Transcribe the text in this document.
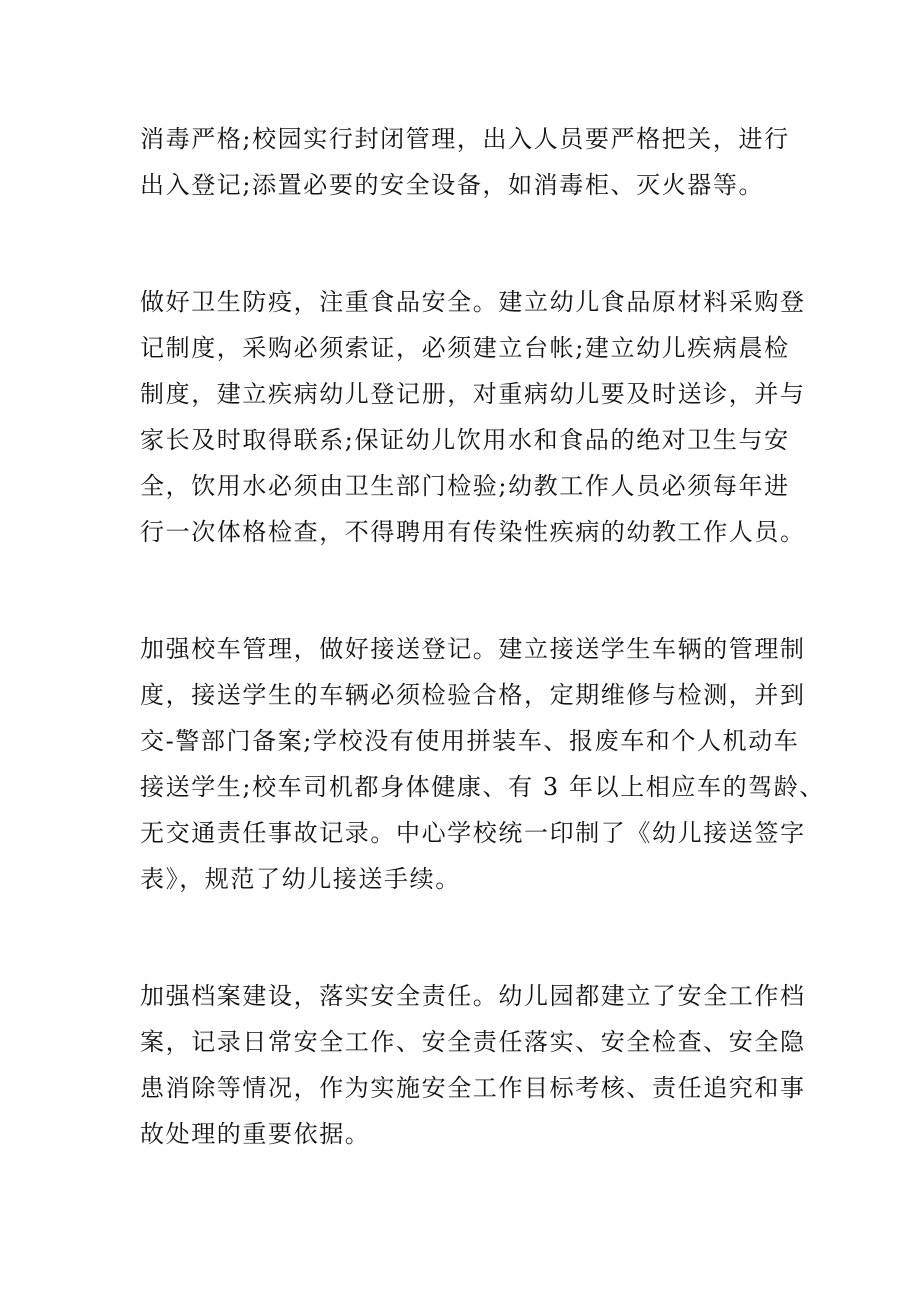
消毒严格;校园实行封闭管理，出入人员要严格把关，进行
出入登记;添置必要的安全设备，如消毒柜、灭火器等。
做好卫生防疫，注重食品安全。建立幼儿食品原材料采购登
记制度，采购必须索证，必须建立台帐;建立幼儿疾病晨检
制度，建立疾病幼儿登记册，对重病幼儿要及时送诊，并与
家长及时取得联系;保证幼儿饮用水和食品的绝对卫生与安
全，饮用水必须由卫生部门检验;幼教工作人员必须每年进
行一次体格检查，不得聘用有传染性疾病的幼教工作人员。
加强校车管理，做好接送登记。建立接送学生车辆的管理制
度，接送学生的车辆必须检验合格，定期维修与检测，并到
交-警部门备案;学校没有使用拼装车、报废车和个人机动车
接送学生;校车司机都身体健康、有 3 年以上相应车的驾龄、
无交通责任事故记录。中心学校统一印制了《幼儿接送签字
表》，规范了幼儿接送手续。
加强档案建设，落实安全责任。幼儿园都建立了安全工作档
案，记录日常安全工作、安全责任落实、安全检查、安全隐
患消除等情况，作为实施安全工作目标考核、责任追究和事
故处理的重要依据。
